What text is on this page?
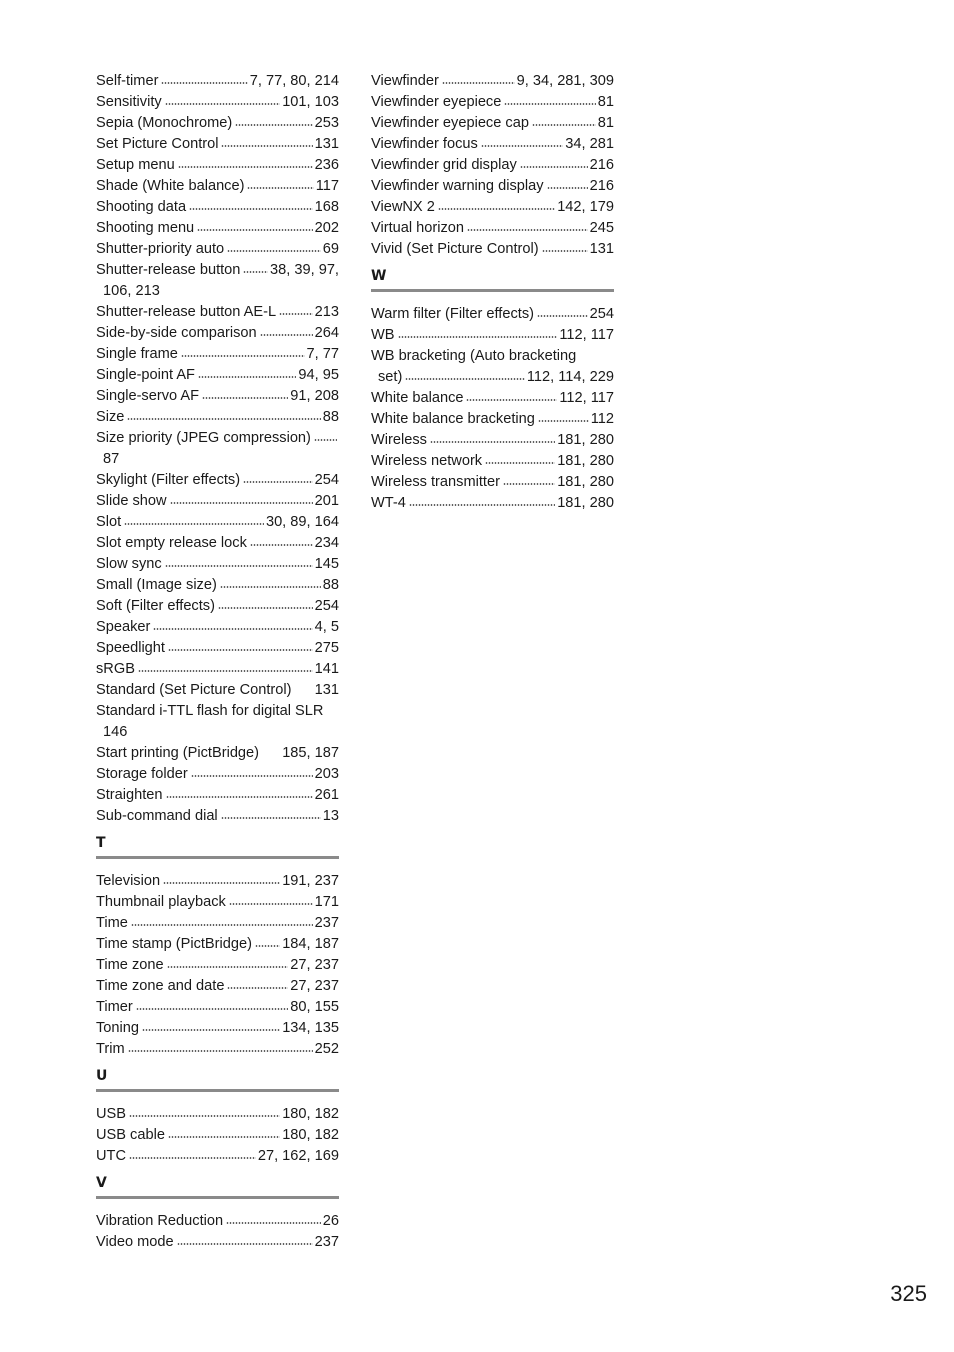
Self-timer	7, 77, 80, 214
Sensitivity	101, 103
Sepia (Monochrome)	253
Set Picture Control	131
Setup menu	236
Shade (White balance)	117
Shooting data	168
Shooting menu	202
Shutter-priority auto	69
Shutter-release button 38, 39, 97,
106, 213
Shutter-release button AE-L	213
Side-by-side comparison	264
Single frame	7, 77
Single-point AF	94, 95
Single-servo AF	91, 208
Size	88
Size priority (JPEG compression)
87
Skylight (Filter effects)	254
Slide show	201
Slot	30, 89, 164
Slot empty release lock	234
Slow sync	145
Small (Image size)	88
Soft (Filter effects)	254
Speaker	4, 5
Speedlight	275
sRGB	141
Standard (Set Picture Control) 131
Standard i-TTL flash for digital SLR
146
Start printing (PictBridge) 185, 187
Storage folder	203
Straighten	261
Sub-command dial	13
T
Television	191, 237
Thumbnail playback	171
Time	237
Time stamp (PictBridge) 184, 187
Time zone	27, 237
Time zone and date	27, 237
Timer	80, 155
Toning	134, 135
Trim	252
U
USB	180, 182
USB cable	180, 182
UTC	27, 162, 169
V
Vibration Reduction	26
Video mode	237
Viewfinder	9, 34, 281, 309
Viewfinder eyepiece	81
Viewfinder eyepiece cap	81
Viewfinder focus	34, 281
Viewfinder grid display	216
Viewfinder warning display	216
ViewNX 2	142, 179
Virtual horizon	245
Vivid (Set Picture Control)	131
W
Warm filter (Filter effects)	254
WB	112, 117
WB bracketing (Auto bracketing
set)	112, 114, 229
White balance	112, 117
White balance bracketing	112
Wireless	181, 280
Wireless network	181, 280
Wireless transmitter	181, 280
WT-4	181, 280
325
